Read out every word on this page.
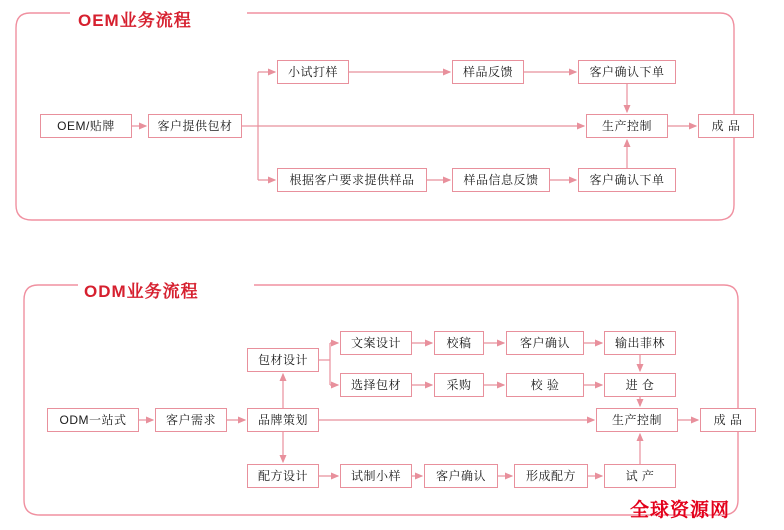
OEM业务流程
OEM/贴牌	客户提供包材
小试打样	样品反馈	客户确认下单
根据客户要求提供样品	样品信息反馈	客户确认下单
生产控制	成 品
ODM业务流程
ODM一站式	客户需求	品牌策划
包材设计
文案设计	校稿	客户确认	输出菲林
选择包材	采购	校 验	进 仓
配方设计	试制小样	客户确认	形成配方	试 产
生产控制	成 品
全球资源网
